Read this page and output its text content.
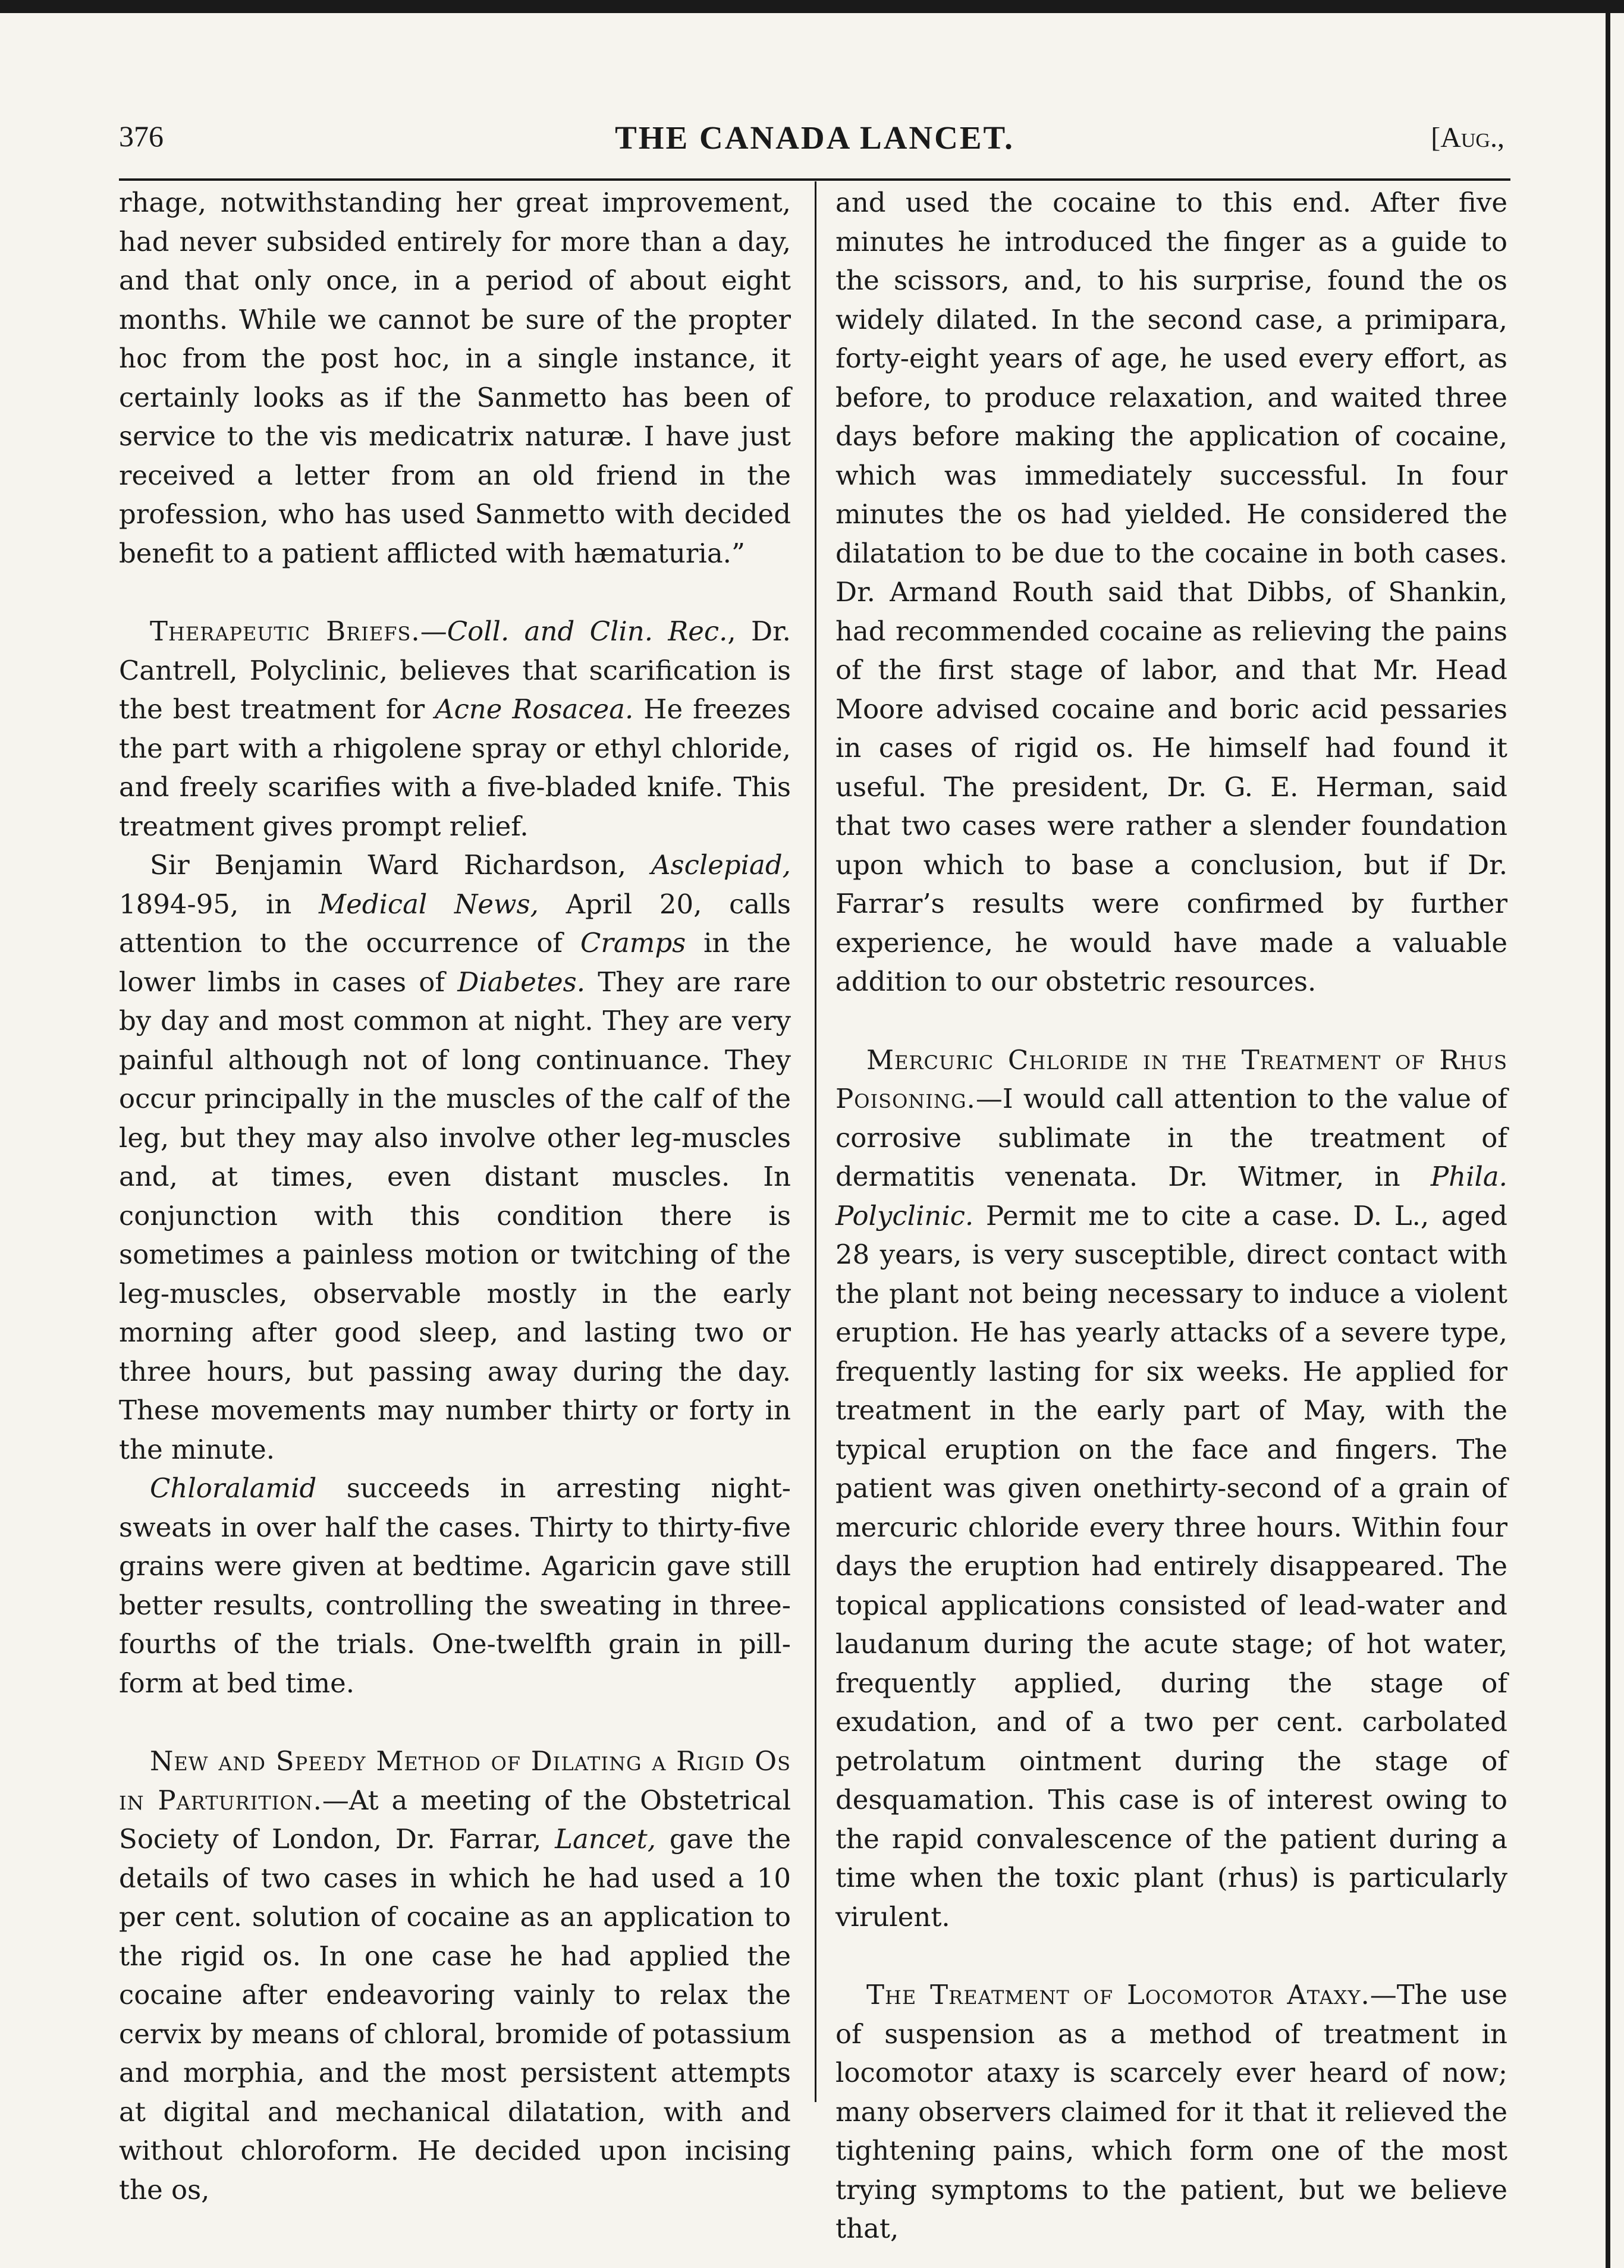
376	THE CANADA LANCET.	[Aug.,

rhage, notwithstanding her great improvement, had never subsided entirely for more than a day, and that only once, in a period of about eight months. While we cannot be sure of the propter hoc from the post hoc, in a single instance, it certainly looks as if the Sanmetto has been of service to the vis medicatrix naturæ. I have just received a letter from an old friend in the profession, who has used Sanmetto with decided benefit to a patient afflicted with hæmaturia.”

Therapeutic Briefs.—Coll. and Clin. Rec., Dr. Cantrell, Polyclinic, believes that scarification is the best treatment for Acne Rosacea. He freezes the part with a rhigolene spray or ethyl chloride, and freely scarifies with a five-bladed knife. This treatment gives prompt relief.

Sir Benjamin Ward Richardson, Asclepiad, 1894-95, in Medical News, April 20, calls attention to the occurrence of Cramps in the lower limbs in cases of Diabetes. They are rare by day and most common at night. They are very painful although not of long continuance. They occur principally in the muscles of the calf of the leg, but they may also involve other leg-muscles and, at times, even distant muscles. In conjunction with this condition there is sometimes a painless motion or twitching of the leg-muscles, observable mostly in the early morning after good sleep, and lasting two or three hours, but passing away during the day. These movements may number thirty or forty in the minute.

Chloralamid succeeds in arresting night-sweats in over half the cases. Thirty to thirty-five grains were given at bedtime. Agaricin gave still better results, controlling the sweating in three-fourths of the trials. One-twelfth grain in pill-form at bed time.

New and Speedy Method of Dilating a Rigid Os in Parturition.—At a meeting of the Obstetrical Society of London, Dr. Farrar, Lancet, gave the details of two cases in which he had used a 10 per cent. solution of cocaine as an application to the rigid os. In one case he had applied the cocaine after endeavoring vainly to relax the cervix by means of chloral, bromide of potassium and morphia, and the most persistent attempts at digital and mechanical dilatation, with and without chloroform. He decided upon incising the os,

and used the cocaine to this end. After five minutes he introduced the finger as a guide to the scissors, and, to his surprise, found the os widely dilated. In the second case, a primipara, forty-eight years of age, he used every effort, as before, to produce relaxation, and waited three days before making the application of cocaine, which was immediately successful. In four minutes the os had yielded. He considered the dilatation to be due to the cocaine in both cases. Dr. Armand Routh said that Dibbs, of Shankin, had recommended cocaine as relieving the pains of the first stage of labor, and that Mr. Head Moore advised cocaine and boric acid pessaries in cases of rigid os. He himself had found it useful. The president, Dr. G. E. Herman, said that two cases were rather a slender foundation upon which to base a conclusion, but if Dr. Farrar’s results were confirmed by further experience, he would have made a valuable addition to our obstetric resources.

Mercuric Chloride in the Treatment of Rhus Poisoning.—I would call attention to the value of corrosive sublimate in the treatment of dermatitis venenata. Dr. Witmer, in Phila. Polyclinic. Permit me to cite a case. D. L., aged 28 years, is very susceptible, direct contact with the plant not being necessary to induce a violent eruption. He has yearly attacks of a severe type, frequently lasting for six weeks. He applied for treatment in the early part of May, with the typical eruption on the face and fingers. The patient was given onethirty-second of a grain of mercuric chloride every three hours. Within four days the eruption had entirely disappeared. The topical applications consisted of lead-water and laudanum during the acute stage; of hot water, frequently applied, during the stage of exudation, and of a two per cent. carbolated petrolatum ointment during the stage of desquamation. This case is of interest owing to the rapid convalescence of the patient during a time when the toxic plant (rhus) is particularly virulent.

The Treatment of Locomotor Ataxy.—The use of suspension as a method of treatment in locomotor ataxy is scarcely ever heard of now; many observers claimed for it that it relieved the tightening pains, which form one of the most trying symptoms to the patient, but we believe that,
